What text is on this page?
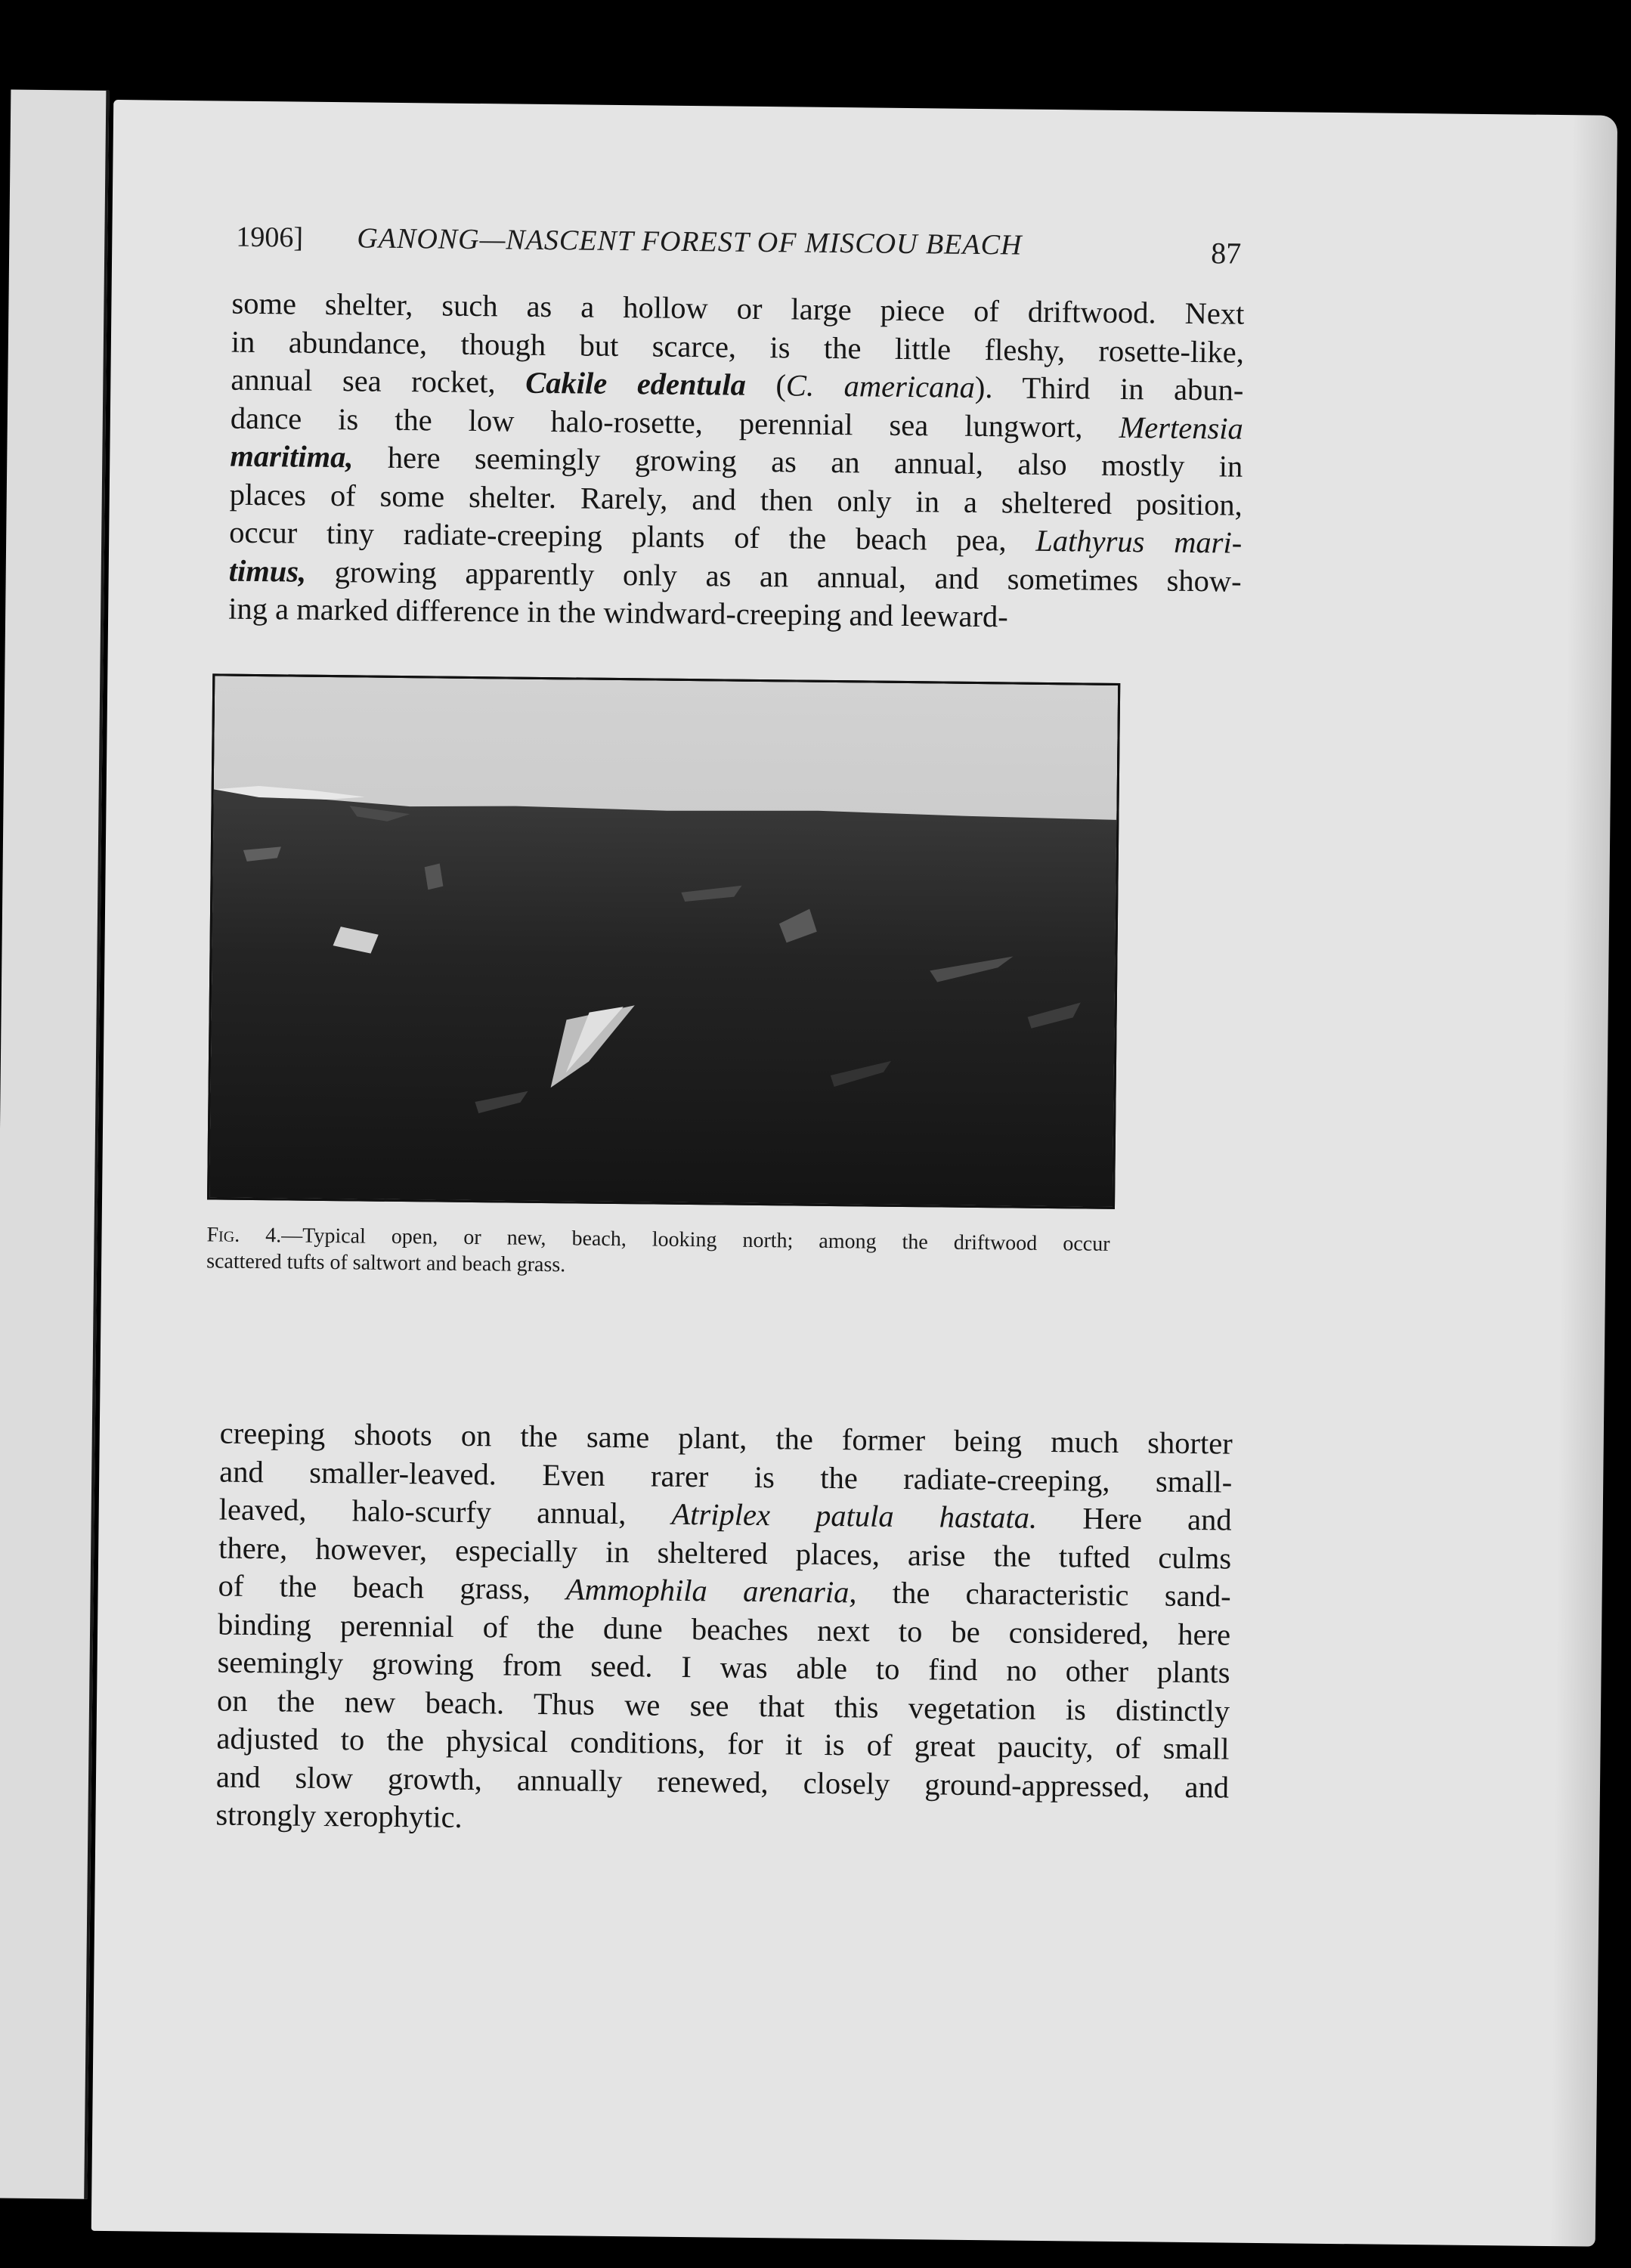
1906] GANONG—NASCENT FOREST OF MISCOU BEACH	87
some shelter, such as a hollow or large piece of driftwood. Next
in abundance, though but scarce, is the little fleshy, rosette-like,
annual sea rocket, Cakile edentula (C. americana). Third in abun-
dance is the low halo-rosette, perennial sea lungwort, Mertensia
maritima, here seemingly growing as an annual, also mostly in
places of some shelter. Rarely, and then only in a sheltered position,
occur tiny radiate-creeping plants of the beach pea, Lathyrus mari-
timus, growing apparently only as an annual, and sometimes show-
ing a marked difference in the windward-creeping and leeward-
Fig. 4.—Typical open, or new, beach, looking north; among the driftwood occur
scattered tufts of saltwort and beach grass.
creeping shoots on the same plant, the former being much shorter
and smaller-leaved. Even rarer is the radiate-creeping, small-
leaved, halo-scurfy annual, Atriplex patula hastata. Here and
there, however, especially in sheltered places, arise the tufted culms
of the beach grass, Ammophila arenaria, the characteristic sand-
binding perennial of the dune beaches next to be considered, here
seemingly growing from seed. I was able to find no other plants
on the new beach. Thus we see that this vegetation is distinctly
adjusted to the physical conditions, for it is of great paucity, of small
and slow growth, annually renewed, closely ground-appressed, and
strongly xerophytic.
